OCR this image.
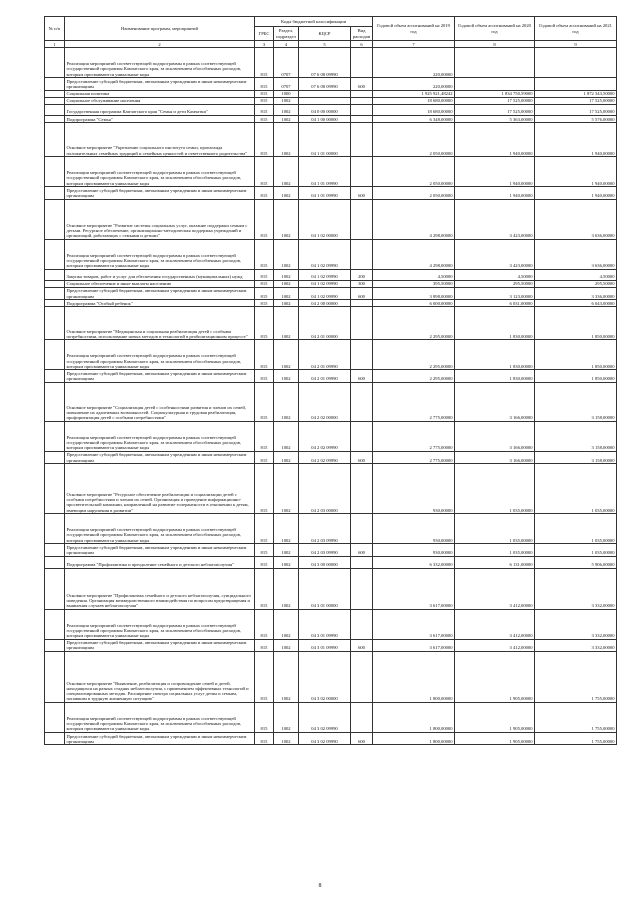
№ п/п	Наименование программ, мероприятий	Коды бюджетной классификации				Годовой объем ассигнований на 2019 год	Годовой объем ассигнований на 2020 год	Годовой объем ассигнований на 2021 год
		ГРБС	Раздел, подраздел	КЦСР	Вид расходов			
1	2	3	4	5	6	7	8	9
	Реализация мероприятий соответствующей подпрограммы в рамках соответствующей государственной программы Камчатского края, за исключением обособленных расходов, которым присваиваются уникальные коды	815	0707	07 6 08 09990		220,00000		
	Предоставление субсидий бюджетным, автономным учреждениям и иным некоммерческим организациям	815	0707	07 6 08 09990	600	220,00000		
	Социальная политика	815	1000			1 925 921,48242	1 834 750,59000	1 872 343,50000
	Социальное обслуживание населения	815	1002			18 680,00000	17 525,00000	17 525,00000
	Государственная программа Камчатского края "Семья и дети Камчатки"	815	1002	04 0 00 00000		18 680,00000	17 525,00000	17 525,00000
	Подпрограмма "Семья"	815	1002	04 1 00 00000		6 348,00000	5 363,00000	5 576,00000
	Основное мероприятие "Укрепление социального института семьи, пропаганда положительных семейных традиций и семейных ценностей и ответственного родительства"	815	1002	04 1 01 00000		2 050,00000	1 940,00000	1 940,00000
	Реализация мероприятий соответствующей подпрограммы в рамках соответствующей государственной программы Камчатского края, за исключением обособленных расходов, которым присваиваются уникальные коды	815	1002	04 1 01 09990		2 050,00000	1 940,00000	1 940,00000
	Предоставление субсидий бюджетным, автономным учреждениям и иным некоммерческим организациям	815	1002	04 1 01 09990	600	2 050,00000	1 940,00000	1 940,00000
	Основное мероприятие "Развитие системы социальных услуг, оказание поддержки семьям с детьми. Ресурсное обеспечение, организационно-методическая поддержка учреждений и организаций, работающих с семьями и детьми"	815	1002	04 1 02 00000		4 298,00000	3 423,00000	3 636,00000
	Реализация мероприятий соответствующей подпрограммы в рамках соответствующей государственной программы Камчатского края, за исключением обособленных расходов, которым присваиваются уникальные коды	815	1002	04 1 02 09990		4 298,00000	3 423,00000	3 636,00000
	Закупка товаров, работ и услуг для обеспечения государственных (муниципальных) нужд	815	1002	04 1 02 09990	200	4,50000	4,50000	4,50000
	Социальное обеспечение и иные выплаты населению	815	1002	04 1 02 09990	300	395,50000	295,50000	295,50000
	Предоставление субсидий бюджетным, автономным учреждениям и иным некоммерческим организациям	815	1002	04 1 02 09990	600	3 898,00000	3 123,00000	3 336,00000
	Подпрограмма "Особый ребенок"	815	1002	04 2 00 00000		6 000,00000	6 031,00000	6 043,00000
	Основное мероприятие "Медицинская и социальная реабилитация детей с особыми потребностями, использование новых методов и технологий в реабилитационном процессе"	815	1002	04 2 01 00000		2 295,00000	1 830,00000	1 850,00000
	Реализация мероприятий соответствующей подпрограммы в рамках соответствующей государственной программы Камчатского края, за исключением обособленных расходов, которым присваиваются уникальные коды	815	1002	04 2 01 09990		2 295,00000	1 830,00000	1 850,00000
	Предоставление субсидий бюджетным, автономным учреждениям и иным некоммерческим организациям	815	1002	04 2 01 09990	600	2 295,00000	1 830,00000	1 850,00000
	Основное мероприятие "Социализация детей с особенностями развития и членов их семей, повышение их адаптивных возможностей. Социокультурная и трудовая реабилитация, профориентация детей с особыми потребностями"	815	1002	04 2 02 00000		2 775,00000	3 166,00000	3 158,00000
	Реализация мероприятий соответствующей подпрограммы в рамках соответствующей государственной программы Камчатского края, за исключением обособленных расходов, которым присваиваются уникальные коды	815	1002	04 2 02 09990		2 775,00000	3 166,00000	3 158,00000
	Предоставление субсидий бюджетным, автономным учреждениям и иным некоммерческим организациям	815	1002	04 2 02 09990	600	2 775,00000	3 166,00000	3 158,00000
	Основное мероприятие "Ресурсное обеспечение реабилитации и социализации детей с особыми потребностями и членов их семей. Организация и проведение информационно-просветительской кампании, направленной на развитие толерантности в отношении к детям, имеющим нарушения в развитии"	815	1002	04 2 03 00000		930,00000	1 035,00000	1 035,00000
	Реализация мероприятий соответствующей подпрограммы в рамках соответствующей государственной программы Камчатского края, за исключением обособленных расходов, которым присваиваются уникальные коды	815	1002	04 2 03 09990		930,00000	1 035,00000	1 035,00000
	Предоставление субсидий бюджетным, автономным учреждениям и иным некоммерческим организациям	815	1002	04 2 03 09990	600	930,00000	1 035,00000	1 035,00000
	Подпрограмма "Профилактика и преодоление семейного и детского неблагополучия"	815	1002	04 3 00 00000		6 332,00000	6 131,00000	5 906,00000
	Основное мероприятие "Профилактика семейного и детского неблагополучия, суицидального поведения. Организация межведомственного взаимодействия по вопросам предотвращения и выявления случаев неблагополучия"	815	1002	04 3 01 00000		3 617,00000	3 412,00000	3 332,00000
	Реализация мероприятий соответствующей подпрограммы в рамках соответствующей государственной программы Камчатского края, за исключением обособленных расходов, которым присваиваются уникальные коды	815	1002	04 3 01 09990		3 617,00000	3 412,00000	3 332,00000
	Предоставление субсидий бюджетным, автономным учреждениям и иным некоммерческим организациям	815	1002	04 3 01 09990	600	3 617,00000	3 412,00000	3 332,00000
	Основное мероприятие "Выявление, реабилитация и сопровождение семей и детей, находящихся на разных стадиях неблагополучия, с применением эффективных технологий и специализированных методик. Расширение спектра социальных услуг детям и семьям, попавшим в трудную жизненную ситуацию"	815	1002	04 3 02 00000		1 800,00000	1 905,00000	1 755,00000
	Реализация мероприятий соответствующей подпрограммы в рамках соответствующей государственной программы Камчатского края, за исключением обособленных расходов, которым присваиваются уникальные коды	815	1002	04 3 02 09990		1 800,00000	1 905,00000	1 755,00000
	Предоставление субсидий бюджетным, автономным учреждениям и иным некоммерческим организациям	815	1002	04 3 02 09990	600	1 800,00000	1 905,00000	1 755,00000
8
